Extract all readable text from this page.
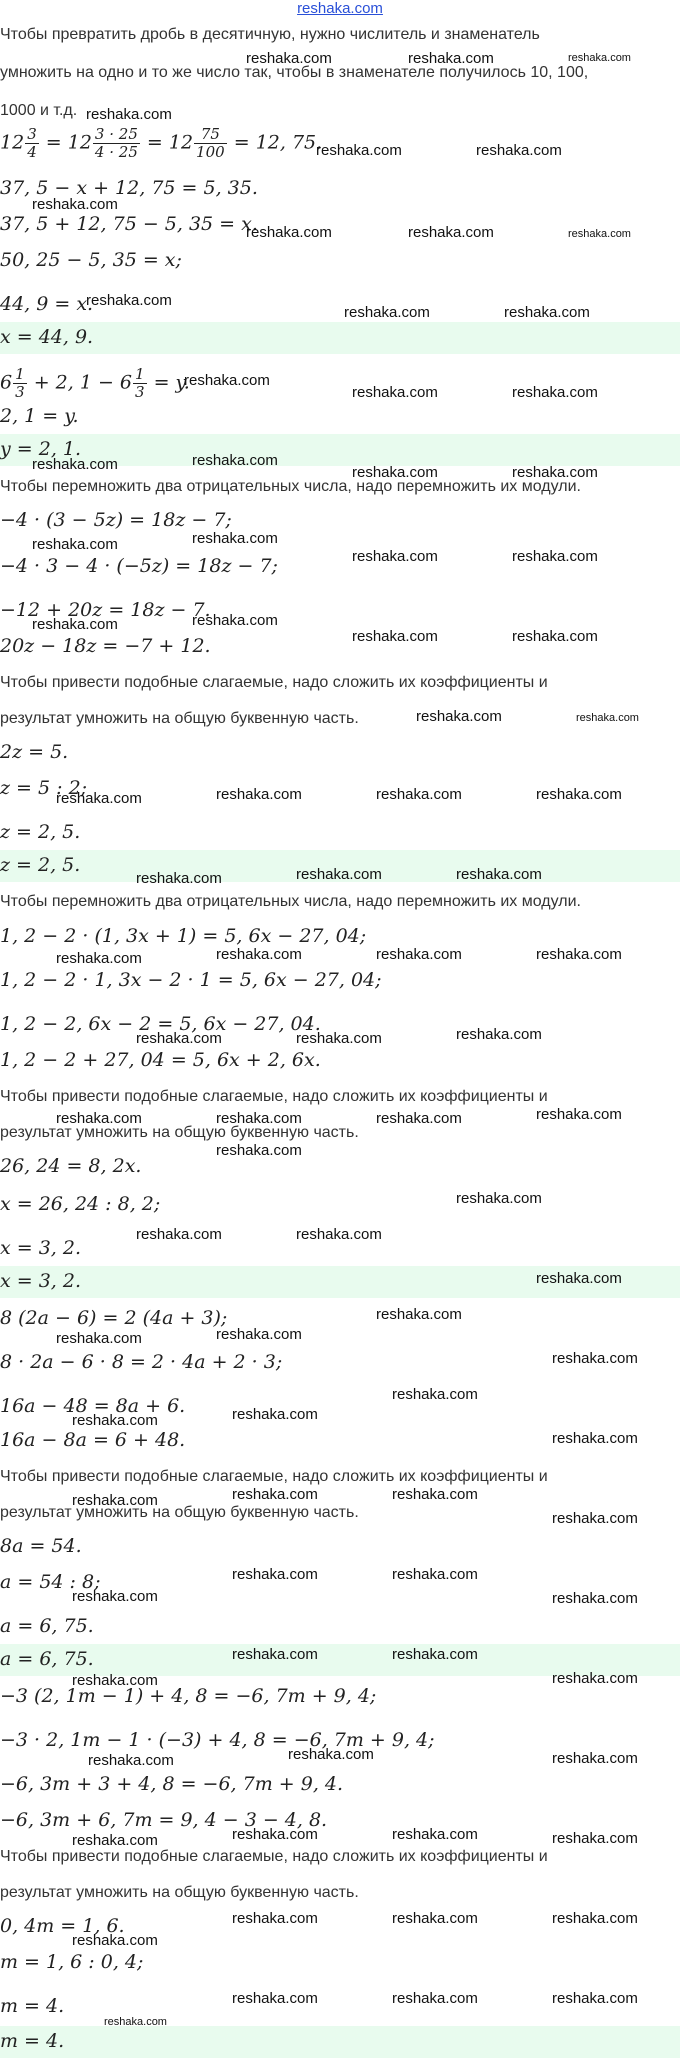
reshaka.com
Чтобы превратить дробь в десятичную, нужно числитель и знаменатель
умножить на одно и то же число так, чтобы в знаменателе получилось 10, 100,
1000 и т.д.
$12 \frac{3}{4} = 12 \frac{3 \cdot 25}{4 \cdot 25} = 12 \frac{75}{100} = 12$, 75.
37, 5 − x + 12, 75 = 5, 35.
37, 5 + 12, 75 − 5, 35 = x.
50, 25 − 5, 35 = x;
44, 9 = x.
x = 44, 9.
$6 \frac{1}{3} + 2$, $1 - 6 \frac{1}{3} = y$.
2, 1 = y.
y = 2, 1.
Чтобы перемножить два отрицательных числа, надо перемножить их модули.
−4 · (3 − 5z) = 18z − 7;
−4 · 3 − 4 · (−5z) = 18z − 7;
−12 + 20z = 18z − 7.
20z − 18z = −7 + 12.
Чтобы привести подобные слагаемые, надо сложить их коэффициенты и
результат умножить на общую буквенную часть.
2z = 5.
z = 5 : 2;
z = 2, 5.
z = 2, 5.
Чтобы перемножить два отрицательных числа, надо перемножить их модули.
1, 2 − 2 · (1, 3x + 1) = 5, 6x − 27, 04;
1, 2 − 2 · 1, 3x − 2 · 1 = 5, 6x − 27, 04;
1, 2 − 2, 6x − 2 = 5, 6x − 27, 04.
1, 2 − 2 + 27, 04 = 5, 6x + 2, 6x.
Чтобы привести подобные слагаемые, надо сложить их коэффициенты и
результат умножить на общую буквенную часть.
26, 24 = 8, 2x.
x = 26, 24 : 8, 2;
x = 3, 2.
x = 3, 2.
8 (2a − 6) = 2 (4a + 3);
8 · 2a − 6 · 8 = 2 · 4a + 2 · 3;
16a − 48 = 8a + 6.
16a − 8a = 6 + 48.
Чтобы привести подобные слагаемые, надо сложить их коэффициенты и
результат умножить на общую буквенную часть.
8a = 54.
a = 54 : 8;
a = 6, 75.
a = 6, 75.
−3 (2, 1m − 1) + 4, 8 = −6, 7m + 9, 4;
−3 · 2, 1m − 1 · (−3) + 4, 8 = −6, 7m + 9, 4;
−6, 3m + 3 + 4, 8 = −6, 7m + 9, 4.
−6, 3m + 6, 7m = 9, 4 − 3 − 4, 8.
Чтобы привести подобные слагаемые, надо сложить их коэффициенты и
результат умножить на общую буквенную часть.
0, 4m = 1, 6.
m = 1, 6 : 0, 4;
m = 4.
m = 4.
reshaka.com	reshaka.com	reshaka.com
reshaka.com
reshaka.com	reshaka.com
reshaka.com
reshaka.com	reshaka.com	reshaka.com
reshaka.com
reshaka.com	reshaka.com
reshaka.com
reshaka.com	reshaka.com
reshaka.com	reshaka.com
reshaka.com	reshaka.com
reshaka.com	reshaka.com
reshaka.com	reshaka.com
reshaka.com	reshaka.com
reshaka.com	reshaka.com
reshaka.com	reshaka.com
reshaka.com	reshaka.com	reshaka.com	reshaka.com
reshaka.com	reshaka.com	reshaka.com
reshaka.com	reshaka.com	reshaka.com	reshaka.com
reshaka.com	reshaka.com	reshaka.com
reshaka.com	reshaka.com	reshaka.com	reshaka.com
reshaka.com
reshaka.com
reshaka.com	reshaka.com
reshaka.com
reshaka.com
reshaka.com	reshaka.com
reshaka.com
reshaka.com
reshaka.com	reshaka.com
reshaka.com
reshaka.com	reshaka.com	reshaka.com
reshaka.com
reshaka.com	reshaka.com
reshaka.com	reshaka.com
reshaka.com	reshaka.com
reshaka.com	reshaka.com
reshaka.com
reshaka.com	reshaka.com
reshaka.com	reshaka.com	reshaka.com	reshaka.com
reshaka.com
reshaka.com	reshaka.com	reshaka.com
reshaka.com	reshaka.com	reshaka.com
reshaka.com
